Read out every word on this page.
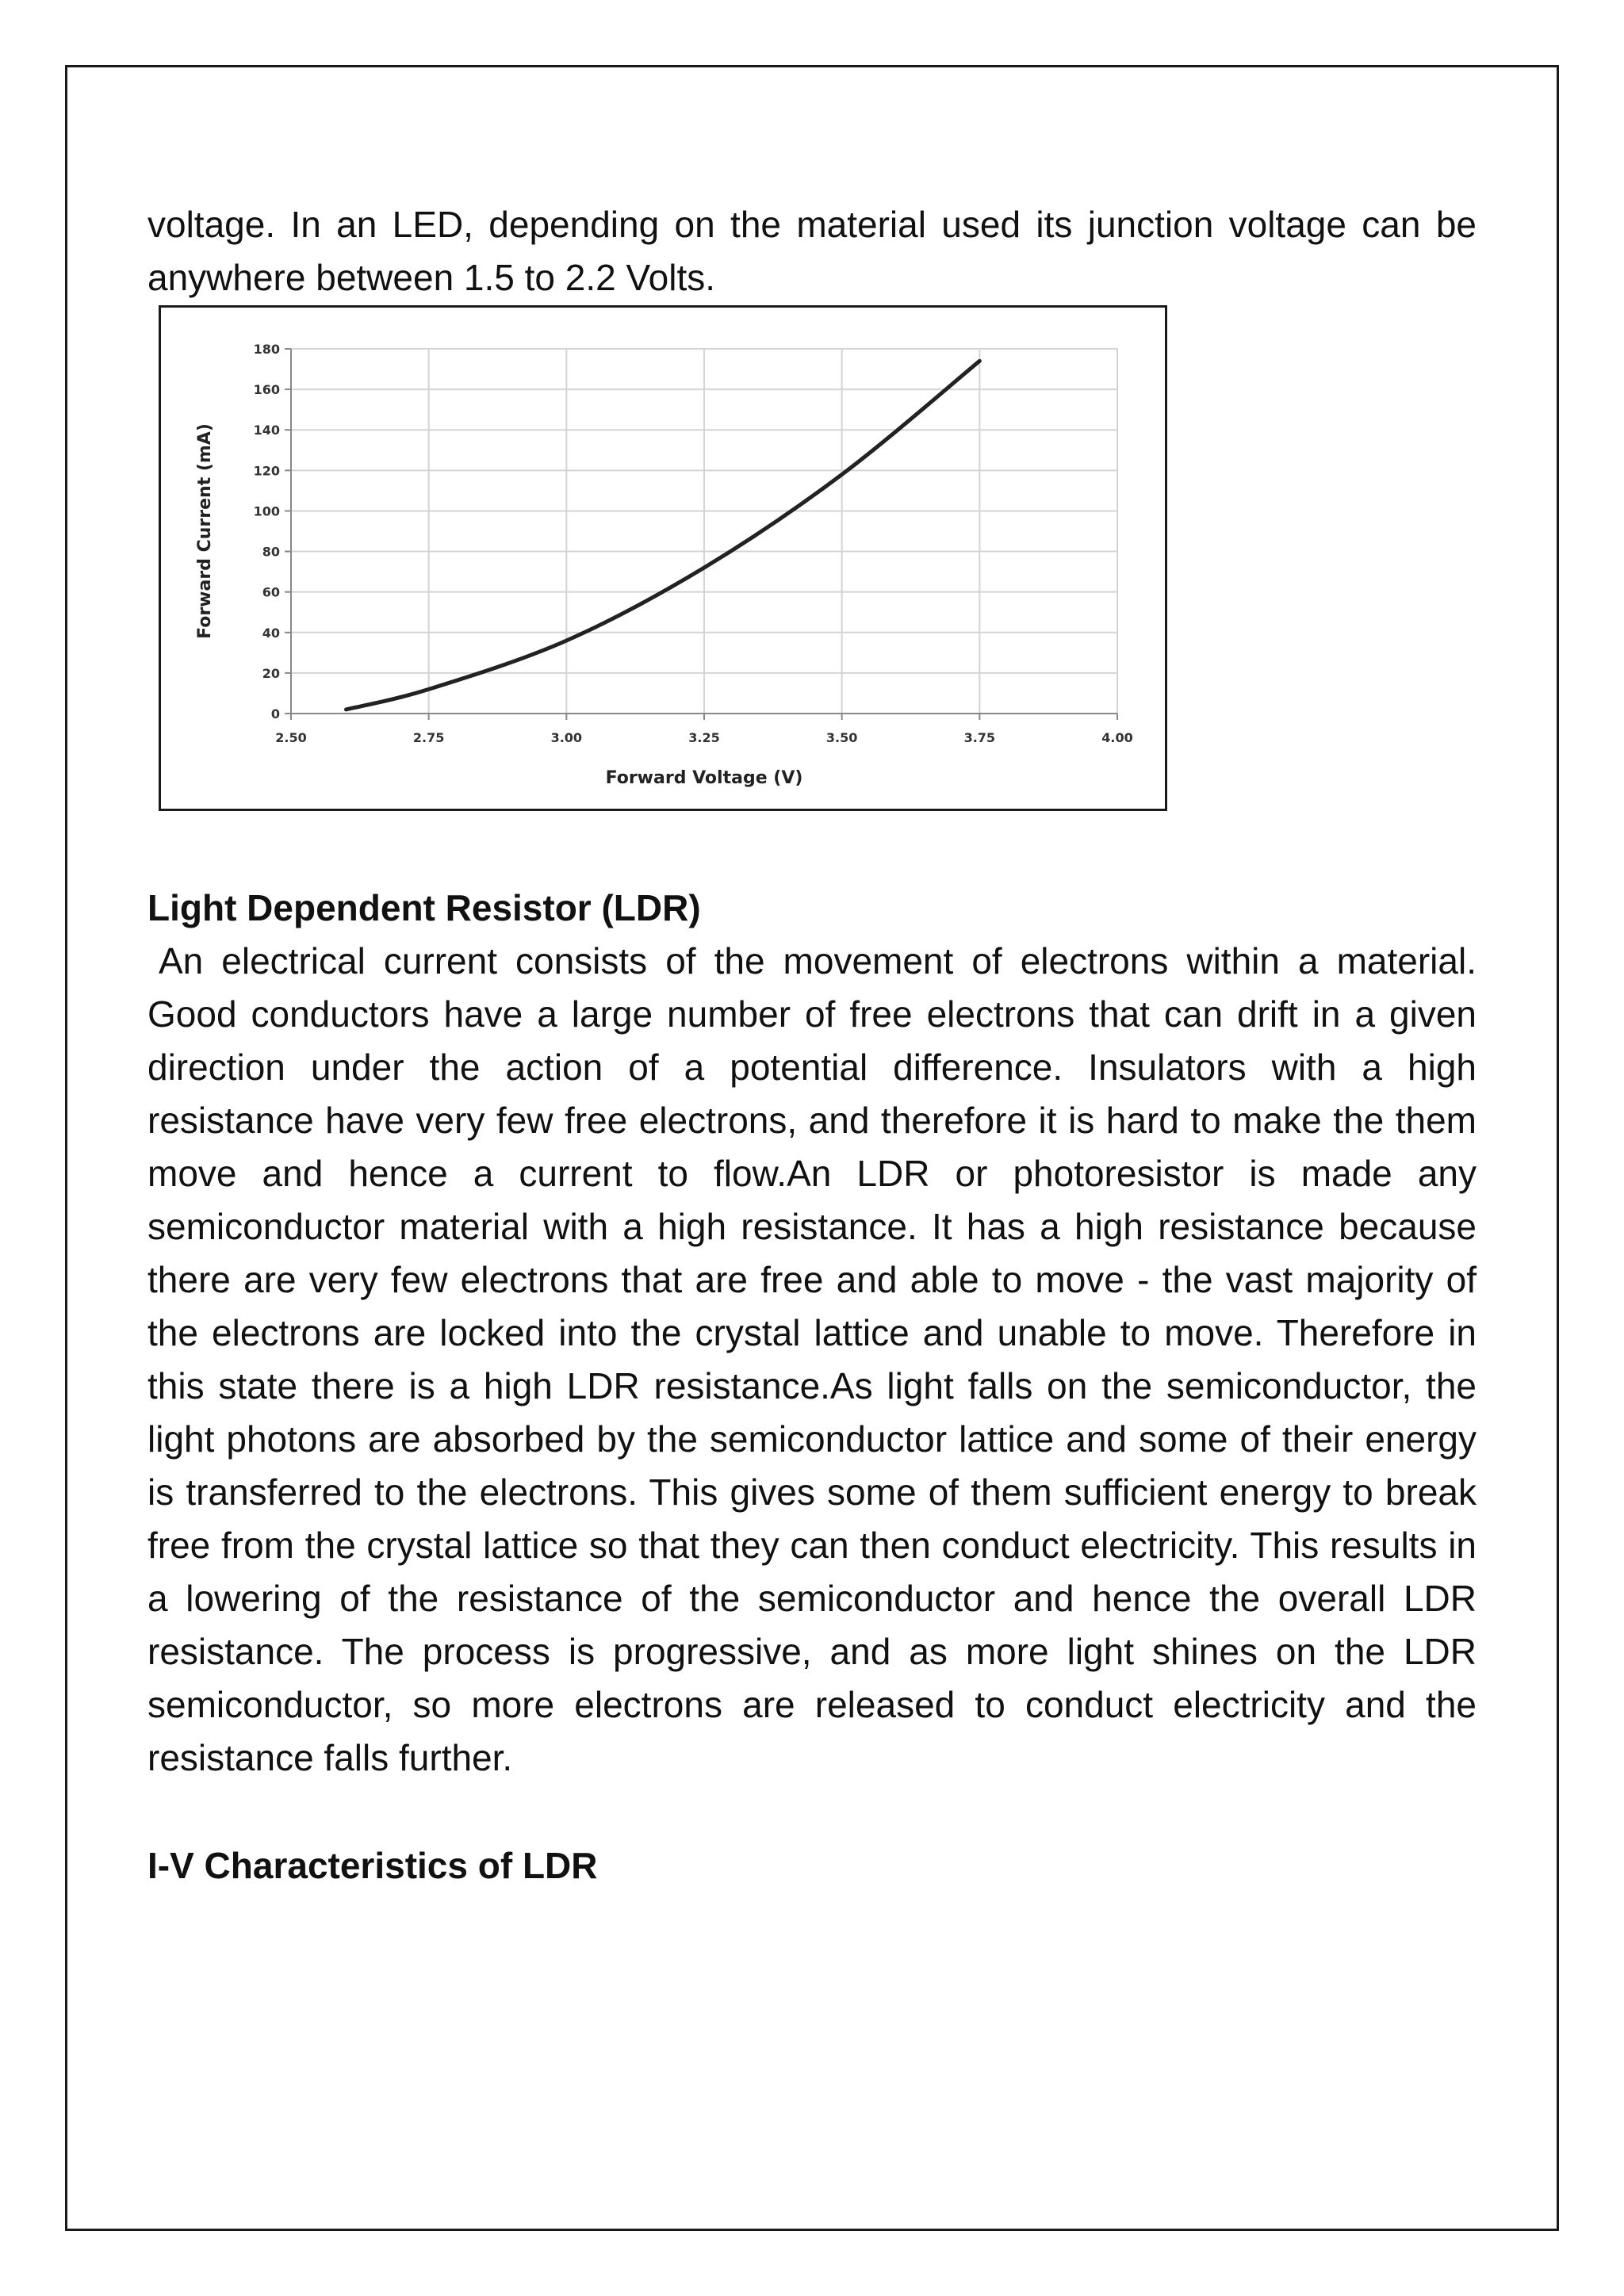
voltage. In an LED, depending on the material used its junction voltage can be anywhere between 1.5 to 2.2 Volts.
0
20
40
60
80
100
120
140
160
180
2.50	2.75	3.00	3.25	3.50	3.75	4.00
Forward Voltage (V)
Forward Current (mA)
Light Dependent Resistor (LDR)
An electrical current consists of the movement of electrons within a material. Good conductors have a large number of free electrons that can drift in a given direction under the action of a potential difference. Insulators with a high resistance have very few free electrons, and therefore it is hard to make the them move and hence a current to flow.An LDR or photoresistor is made any semiconductor material with a high resistance. It has a high resistance because there are very few electrons that are free and able to move - the vast majority of the electrons are locked into the crystal lattice and unable to move. Therefore in this state there is a high LDR resistance.As light falls on the semiconductor, the light photons are absorbed by the semiconductor lattice and some of their energy is transferred to the electrons. This gives some of them sufficient energy to break free from the crystal lattice so that they can then conduct electricity. This results in a lowering of the resistance of the semiconductor and hence the overall LDR resistance. The process is progressive, and as more light shines on the LDR semiconductor, so more electrons are released to conduct electricity and the resistance falls further.
I-V Characteristics of LDR
